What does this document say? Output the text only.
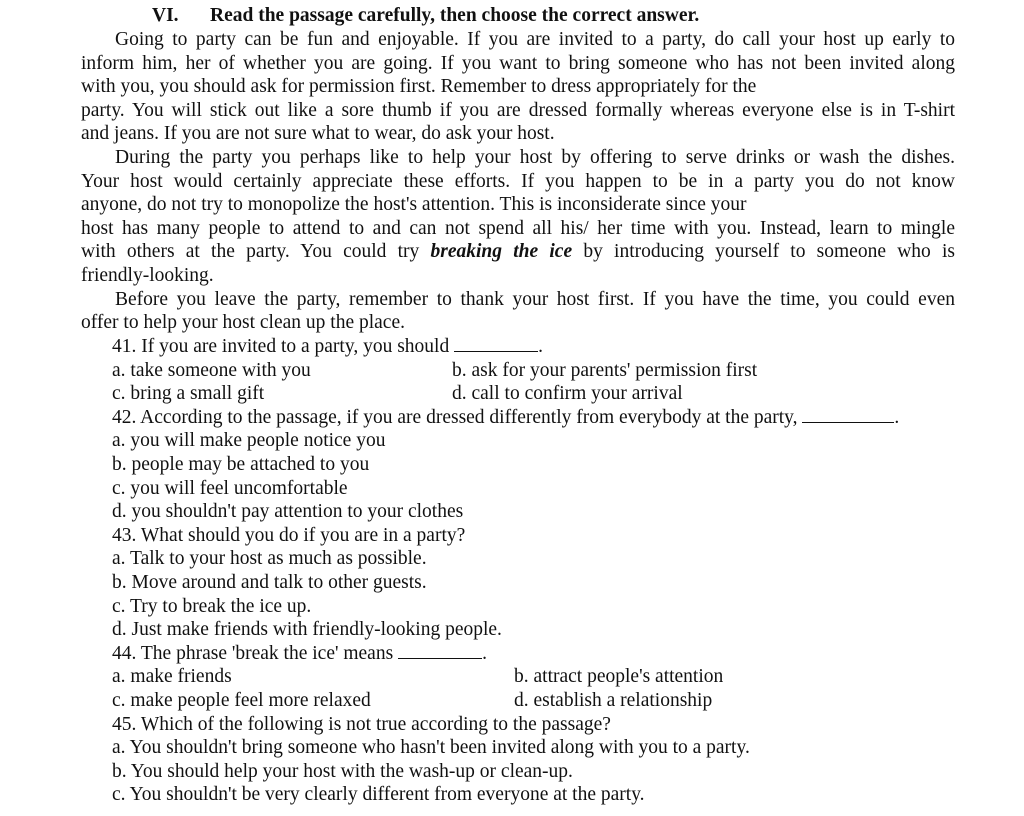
VI. Read the passage carefully, then choose the correct answer.
Going to party can be fun and enjoyable. If you are invited to a party, do call your host up early to
inform him, her of whether you are going. If you want to bring someone who has not been invited along
with you, you should ask for permission first. Remember to dress appropriately for the
party. You will stick out like a sore thumb if you are dressed formally whereas everyone else is in T-shirt
and jeans. If you are not sure what to wear, do ask your host.
During the party you perhaps like to help your host by offering to serve drinks or wash the dishes.
Your host would certainly appreciate these efforts. If you happen to be in a party you do not know
anyone, do not try to monopolize the host's attention. This is inconsiderate since your
host has many people to attend to and can not spend all his/ her time with you. Instead, learn to mingle
with others at the party. You could try breaking the ice by introducing yourself to someone who is
friendly-looking.
Before you leave the party, remember to thank your host first. If you have the time, you could even
offer to help your host clean up the place.
41. If you are invited to a party, you should	.
a. take someone with you	b. ask for your parents' permission first
c. bring a small gift	d. call to confirm your arrival
42. According to the passage, if you are dressed differently from everybody at the party,	.
a. you will make people notice you
b. people may be attached to you
c. you will feel uncomfortable
d. you shouldn't pay attention to your clothes
43. What should you do if you are in a party?
a. Talk to your host as much as possible.
b. Move around and talk to other guests.
c. Try to break the ice up.
d. Just make friends with friendly-looking people.
44. The phrase 'break the ice' means	.
a. make friends	b. attract people's attention
c. make people feel more relaxed	d. establish a relationship
45. Which of the following is not true according to the passage?
a. You shouldn't bring someone who hasn't been invited along with you to a party.
b. You should help your host with the wash-up or clean-up.
c. You shouldn't be very clearly different from everyone at the party.
